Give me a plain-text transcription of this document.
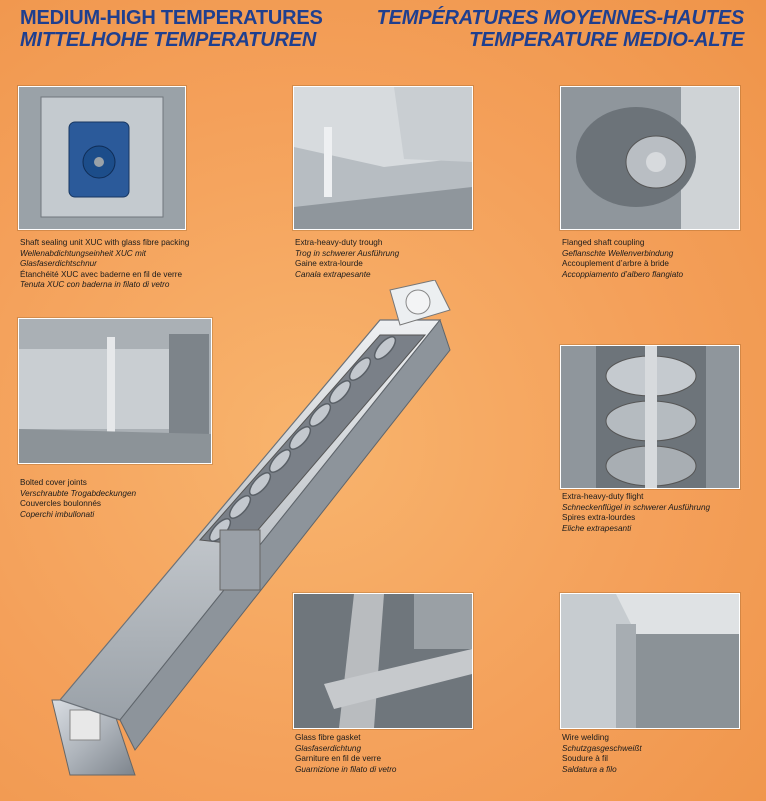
MEDIUM-HIGH TEMPERATURES
MITTELHOHE TEMPERATUREN
TEMPÉRATURES MOYENNES-HAUTES
TEMPERATURE MEDIO-ALTE
Shaft sealing unit XUC with glass fibre packing
Wellenabdichtungseinheit XUC mit
Glasfaserdichtschnur
Étanchéité XUC avec baderne en fil de verre
Tenuta XUC con baderna in filato di vetro
Extra-heavy-duty trough
Trog in schwerer Ausführung
Gaine extra-lourde
Canala extrapesante
Flanged shaft coupling
Geflanschte Wellenverbindung
Accouplement d’arbre à bride
Accoppiamento d’albero flangiato
Bolted cover joints
Verschraubte Trogabdeckungen
Couvercles boulonnés
Coperchi imbullonati
Extra-heavy-duty flight
Schneckenflügel in schwerer Ausführung
Spires extra-lourdes
Eliche extrapesanti
Glass fibre gasket
Glasfaserdichtung
Garniture en fil de verre
Guarnizione in filato di vetro
Wire welding
Schutzgasgeschweißt
Soudure à fil
Saldatura a filo
